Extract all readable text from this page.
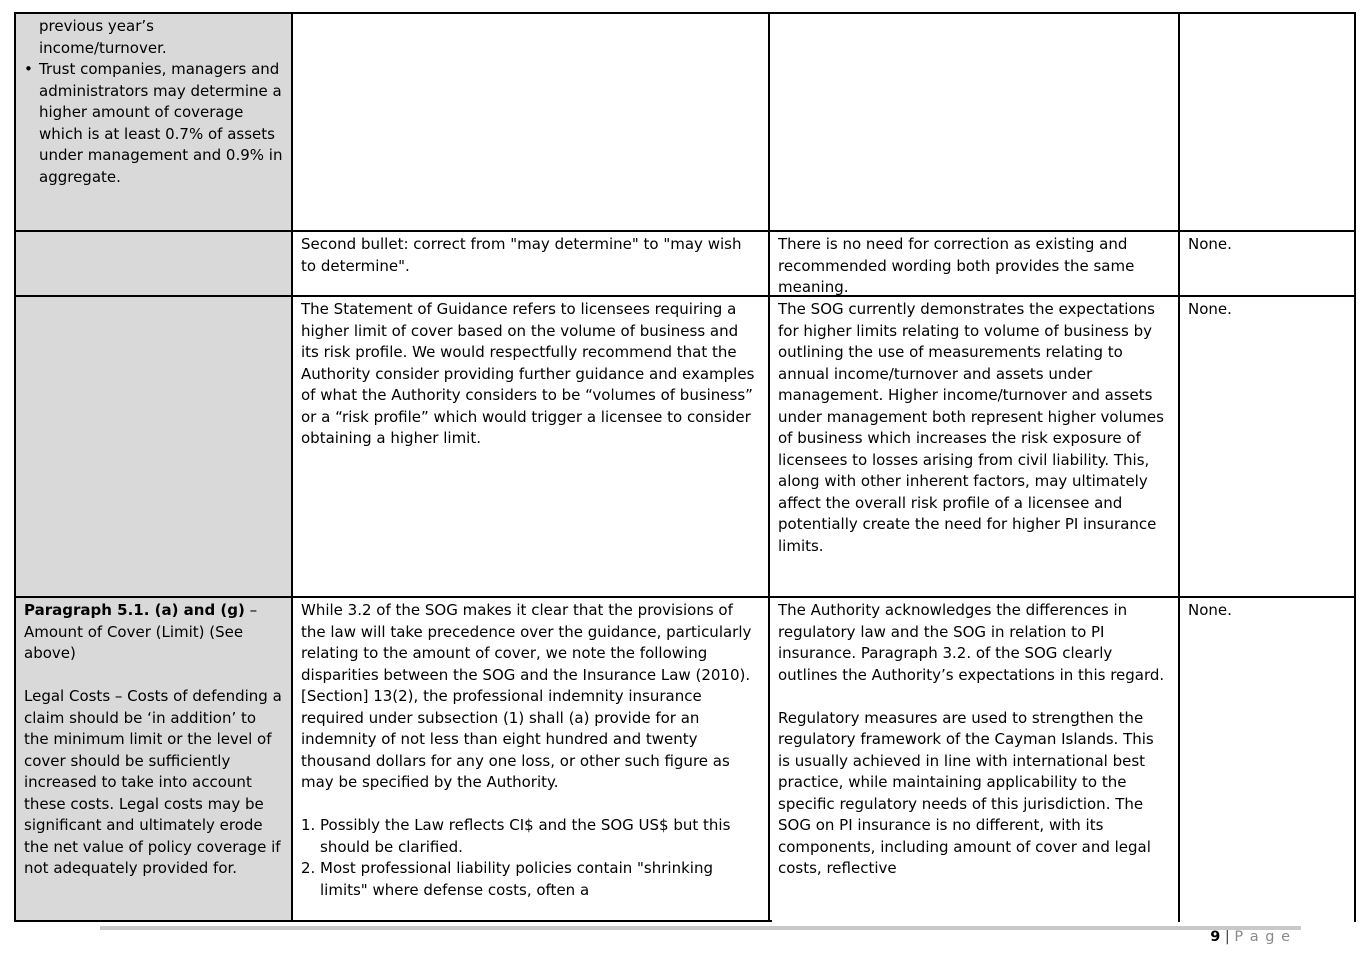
previous year’s income/turnover.
• Trust companies, managers and administrators may determine a higher amount of coverage which is at least 0.7% of assets under management and 0.9% in aggregate.
Second bullet: correct from "may determine" to "may wish to determine".
There is no need for correction as existing and recommended wording both provides the same meaning.
None.
The Statement of Guidance refers to licensees requiring a higher limit of cover based on the volume of business and its risk profile. We would respectfully recommend that the Authority consider providing further guidance and examples of what the Authority considers to be “volumes of business” or a “risk profile” which would trigger a licensee to consider obtaining a higher limit.
The SOG currently demonstrates the expectations for higher limits relating to volume of business by outlining the use of measurements relating to annual income/turnover and assets under management. Higher income/turnover and assets under management both represent higher volumes of business which increases the risk exposure of licensees to losses arising from civil liability. This, along with other inherent factors, may ultimately affect the overall risk profile of a licensee and potentially create the need for higher PI insurance limits.
None.
Paragraph 5.1. (a) and (g) – Amount of Cover (Limit) (See above)
Legal Costs – Costs of defending a claim should be ‘in addition’ to the minimum limit or the level of cover should be sufficiently increased to take into account these costs. Legal costs may be significant and ultimately erode the net value of policy coverage if not adequately provided for.
While 3.2 of the SOG makes it clear that the provisions of the law will take precedence over the guidance, particularly relating to the amount of cover, we note the following disparities between the SOG and the Insurance Law (2010). [Section] 13(2), the professional indemnity insurance required under subsection (1) shall (a) provide for an indemnity of not less than eight hundred and twenty thousand dollars for any one loss, or other such figure as may be specified by the Authority.
1. Possibly the Law reflects CI$ and the SOG US$ but this should be clarified.
2. Most professional liability policies contain "shrinking limits" where defense costs, often a
The Authority acknowledges the differences in regulatory law and the SOG in relation to PI insurance. Paragraph 3.2. of the SOG clearly outlines the Authority’s expectations in this regard.
Regulatory measures are used to strengthen the regulatory framework of the Cayman Islands. This is usually achieved in line with international best practice, while maintaining applicability to the specific regulatory needs of this jurisdiction. The SOG on PI insurance is no different, with its components, including amount of cover and legal costs, reflective
None.
9 | P a g e
